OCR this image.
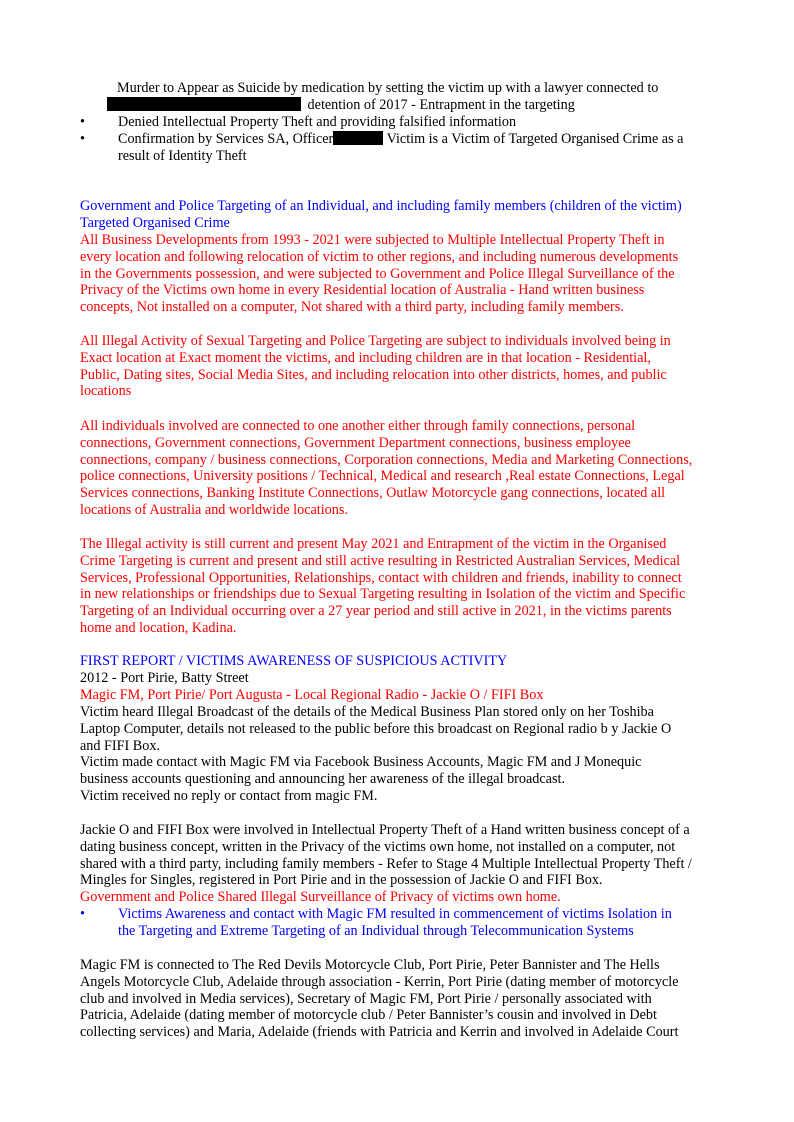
Murder to Appear as Suicide by medication by setting the victim up with a lawyer connected to
detention of 2017 - Entrapment in the targeting
•	Denied Intellectual Property Theft and providing falsified information
•	Confirmation by Services SA, Officer	Victim is a Victim of Targeted Organised Crime as a
result of Identity Theft
Government and Police Targeting of an Individual, and including family members (children of the victim)
Targeted Organised Crime
All Business Developments from 1993 - 2021 were subjected to Multiple Intellectual Property Theft in
every location and following relocation of victim to other regions, and including numerous developments
in the Governments possession, and were subjected to Government and Police Illegal Surveillance of the
Privacy of the Victims own home in every Residential location of Australia - Hand written business
concepts, Not installed on a computer, Not shared with a third party, including family members.
All Illegal Activity of Sexual Targeting and Police Targeting are subject to individuals involved being in
Exact location at Exact moment the victims, and including children are in that location - Residential,
Public, Dating sites, Social Media Sites, and including relocation into other districts, homes, and public
locations
All individuals involved are connected to one another either through family connections, personal
connections, Government connections, Government Department connections, business employee
connections, company / business connections, Corporation connections, Media and Marketing Connections,
police connections, University positions / Technical, Medical and research ,Real estate Connections, Legal
Services connections, Banking Institute Connections, Outlaw Motorcycle gang connections, located all
locations of Australia and worldwide locations.
The Illegal activity is still current and present May 2021 and Entrapment of the victim in the Organised
Crime Targeting is current and present and still active resulting in Restricted Australian Services, Medical
Services, Professional Opportunities, Relationships, contact with children and friends, inability to connect
in new relationships or friendships due to Sexual Targeting resulting in Isolation of the victim and Specific
Targeting of an Individual occurring over a 27 year period and still active in 2021, in the victims parents
home and location, Kadina.
FIRST REPORT / VICTIMS AWARENESS OF SUSPICIOUS ACTIVITY
2012 - Port Pirie, Batty Street
Magic FM, Port Pirie/ Port Augusta - Local Regional Radio - Jackie O / FIFI Box
Victim heard Illegal Broadcast of the details of the Medical Business Plan stored only on her Toshiba
Laptop Computer, details not released to the public before this broadcast on Regional radio b y Jackie O
and FIFI Box.
Victim made contact with Magic FM via Facebook Business Accounts, Magic FM and J Monequic
business accounts questioning and announcing her awareness of the illegal broadcast.
Victim received no reply or contact from magic FM.
Jackie O and FIFI Box were involved in Intellectual Property Theft of a Hand written business concept of a
dating business concept, written in the Privacy of the victims own home, not installed on a computer, not
shared with a third party, including family members - Refer to Stage 4 Multiple Intellectual Property Theft /
Mingles for Singles, registered in Port Pirie and in the possession of Jackie O and FIFI Box.
Government and Police Shared Illegal Surveillance of Privacy of victims own home.
•	Victims Awareness and contact with Magic FM resulted in commencement of victims Isolation in
the Targeting and Extreme Targeting of an Individual through Telecommunication Systems
Magic FM is connected to The Red Devils Motorcycle Club, Port Pirie, Peter Bannister and The Hells
Angels Motorcycle Club, Adelaide through association - Kerrin, Port Pirie (dating member of motorcycle
club and involved in Media services), Secretary of Magic FM, Port Pirie / personally associated with
Patricia, Adelaide (dating member of motorcycle club / Peter Bannister’s cousin and involved in Debt
collecting services) and Maria, Adelaide (friends with Patricia and Kerrin and involved in Adelaide Court
